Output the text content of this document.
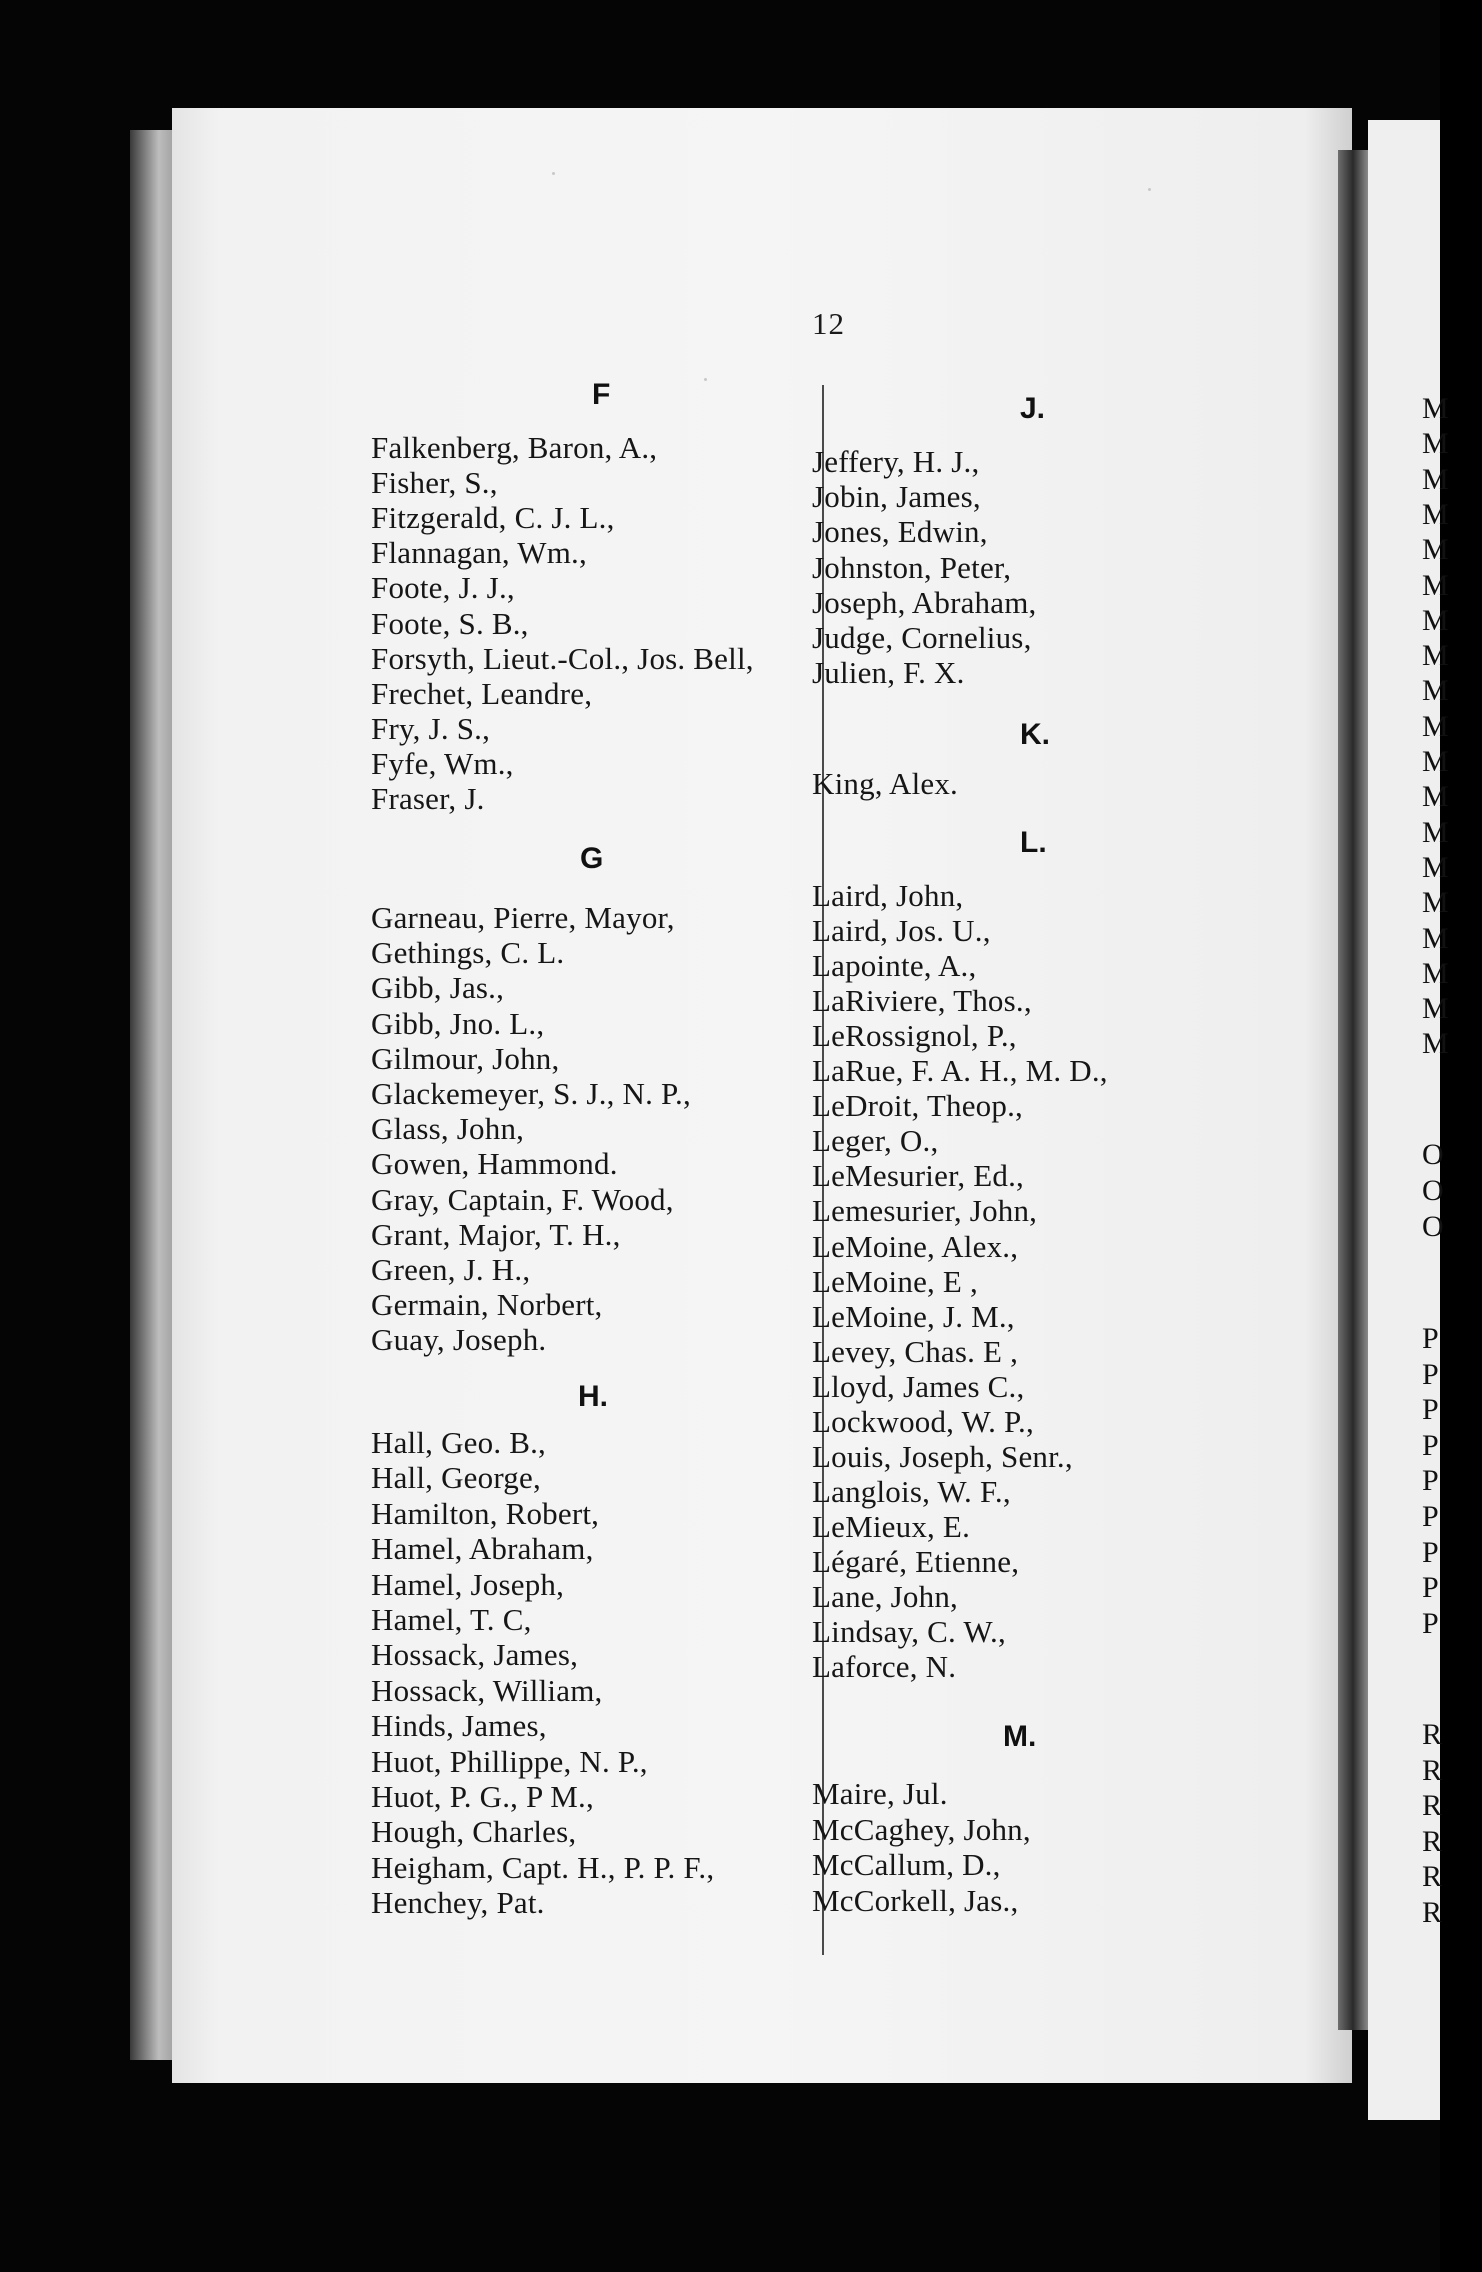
12
F
Falkenberg, Baron, A.,
Fisher, S.,
Fitzgerald, C. J. L.,
Flannagan, Wm.,
Foote, J. J.,
Foote, S. B.,
Forsyth, Lieut.-Col., Jos. Bell,
Frechet, Leandre,
Fry, J. S.,
Fyfe, Wm.,
Fraser, J.
G
Garneau, Pierre, Mayor,
Gethings, C. L.
Gibb, Jas.,
Gibb, Jno. L.,
Gilmour, John,
Glackemeyer, S. J., N. P.,
Glass, John,
Gowen, Hammond.
Gray, Captain, F. Wood,
Grant, Major, T. H.,
Green, J. H.,
Germain, Norbert,
Guay, Joseph.
H.
Hall, Geo. B.,
Hall, George,
Hamilton, Robert,
Hamel, Abraham,
Hamel, Joseph,
Hamel, T. C,
Hossack, James,
Hossack, William,
Hinds, James,
Huot, Phillippe, N. P.,
Huot, P. G., P M.,
Hough, Charles,
Heigham, Capt. H., P. P. F.,
Henchey, Pat.
J.
Jeffery, H. J.,
Jobin, James,
Jones, Edwin,
Johnston, Peter,
Joseph, Abraham,
Judge, Cornelius,
Julien, F. X.
K.
King, Alex.
L.
Laird, John,
Laird, Jos. U.,
Lapointe, A.,
LaRiviere, Thos.,
LeRossignol, P.,
LaRue, F. A. H., M. D.,
LeDroit, Theop.,
Leger, O.,
LeMesurier, Ed.,
Lemesurier, John,
LeMoine, Alex.,
LeMoine, E ,
LeMoine, J. M.,
Levey, Chas. E ,
Lloyd, James C.,
Lockwood, W. P.,
Louis, Joseph, Senr.,
Langlois, W. F.,
LeMieux, E.
Légaré, Etienne,
Lane, John,
Lindsay, C. W.,
Laforce, N.
M.
Maire, Jul.
McCaghey, John,
McCallum, D.,
McCorkell, Jas.,
M
M
M
M
M
M
M
M
M
M
M
M
M
M
M
M
M
M
M
O
O
O
P
P
P
P
P
P
P
P
P
R
R
R
R
R
R
